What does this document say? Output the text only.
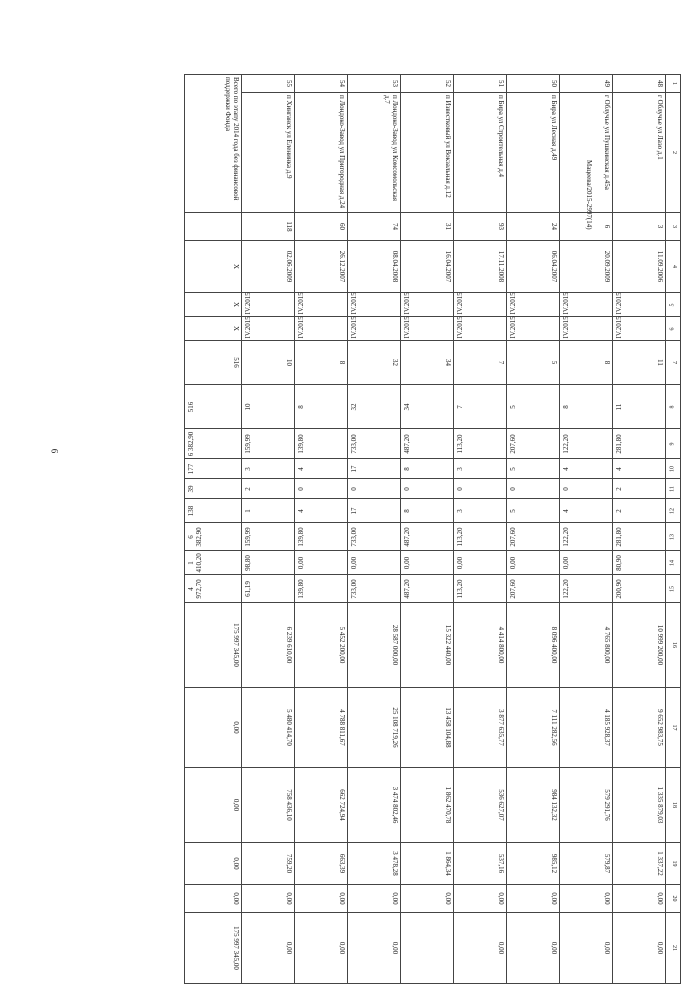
6
Мацеева/2015-2997(14)
1	2	3	4	5	6	7	8	9	10	11	12	13	14	15	16	17	18	19	20	21
48	г Облучье ул Лазо д.1	3	11.09.2006	IV.2015	IV.2015	11	11	281,80	4	2	2	281,80	80,90	200,90	10 999 200,00	9 652 983,75	1 335 879,03	1 337,22	0,00	0,00
49	г Облучье ул Пушкинская д.45а	6	20.09.2009	IV.2015	IV.2015	8	8	122,20	4	0	4	122,20	0,00	122,20	4 765 800,00	4 185 928,37	579 291,76	579,87	0,00	0,00
50	п Бира ул Лесная д.49	24	06.04.2007	IV.2015	IV.2015	5	5	207,60	5	0	5	207,60	0,00	207,60	8 096 400,00	7 111 282,56	984 132,32	985,12	0,00	0,00
51	п Бира ул Строительная д.4	93	17.11.2008	IV.2015	IV.2015	7	7	113,20	3	0	3	113,20	0,00	113,20	4 414 800,00	3 877 635,77	536 627,07	537,16	0,00	0,00
52	п Известковый ул Вокзальная д.12	31	16.04.2007	IV.2015	IV.2015	34	34	487,20	8	0	8	487,20	0,00	487,20	15 322 440,00	13 458 104,88	1 862 470,78	1 864,34	0,00	
53	п Лондоко-Завод ул Комсомольская д.7	74	08.04.2008	IV.2015	IV.2015	32	32	733,00	17	0	17	733,00	0,00	733,00	28 587 000,00	25 108 719,26	3 474 802,46	3 478,28	0,00	0,00
54	п Лондоко-Завод ул Пригородная д.24	60	26.12.2007	IV.2015	IV.2015	8	8	139,80	4	0	4	139,80	0,00	139,80	5 452 200,00	4 788 811,67	662 724,94	663,39	0,00	0,00
55	п Хинганск ул Еленинка д.9	118	02.06.2009	IV.2015	IV.2015	10	10	159,99	3	2	1	159,99	98,80	61,19	6 239 610,00	5 480 414,70	758 436,10	759,20	0,00	0,00
Всего по этапу 2014 года без финансовой поддержки Фонда			X	X	X	516	516	6 382,90	177	39	138	6 382,90	1 410,20	4 972,70	175 997 345,00	0,00	0,00	0,00	0,00	175 997 345,00
